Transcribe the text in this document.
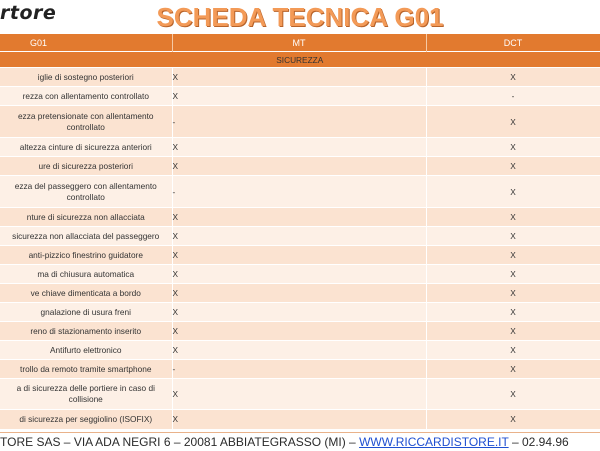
rtore	SCHEDA TECNICA G01
G01	MT	DCT
SICUREZZA		
iglie di sostegno posteriori	X	X
rezza con allentamento controllato	X	-
ezza pretensionate con allentamento controllato	-	X
altezza cinture di sicurezza anteriori	X	X
ure di sicurezza posteriori	X	X
ezza del passeggero con allentamento controllato	-	X
nture di sicurezza non allacciata	X	X
sicurezza non allacciata del passeggero	X	X
anti-pizzico finestrino guidatore	X	X
ma di chiusura automatica	X	X
ve chiave dimenticata a bordo	X	X
gnalazione di usura freni	X	X
reno di stazionamento inserito	X	X
Antifurto elettronico	X	X
trollo da remoto tramite smartphone	-	X
a di sicurezza delle portiere in caso di collisione	X	X
di sicurezza per seggiolino (ISOFIX)	X	X
TORE SAS – VIA ADA NEGRI 6 – 20081 ABBIATEGRASSO (MI) – WWW.RICCARDISTORE.IT – 02.94.96
